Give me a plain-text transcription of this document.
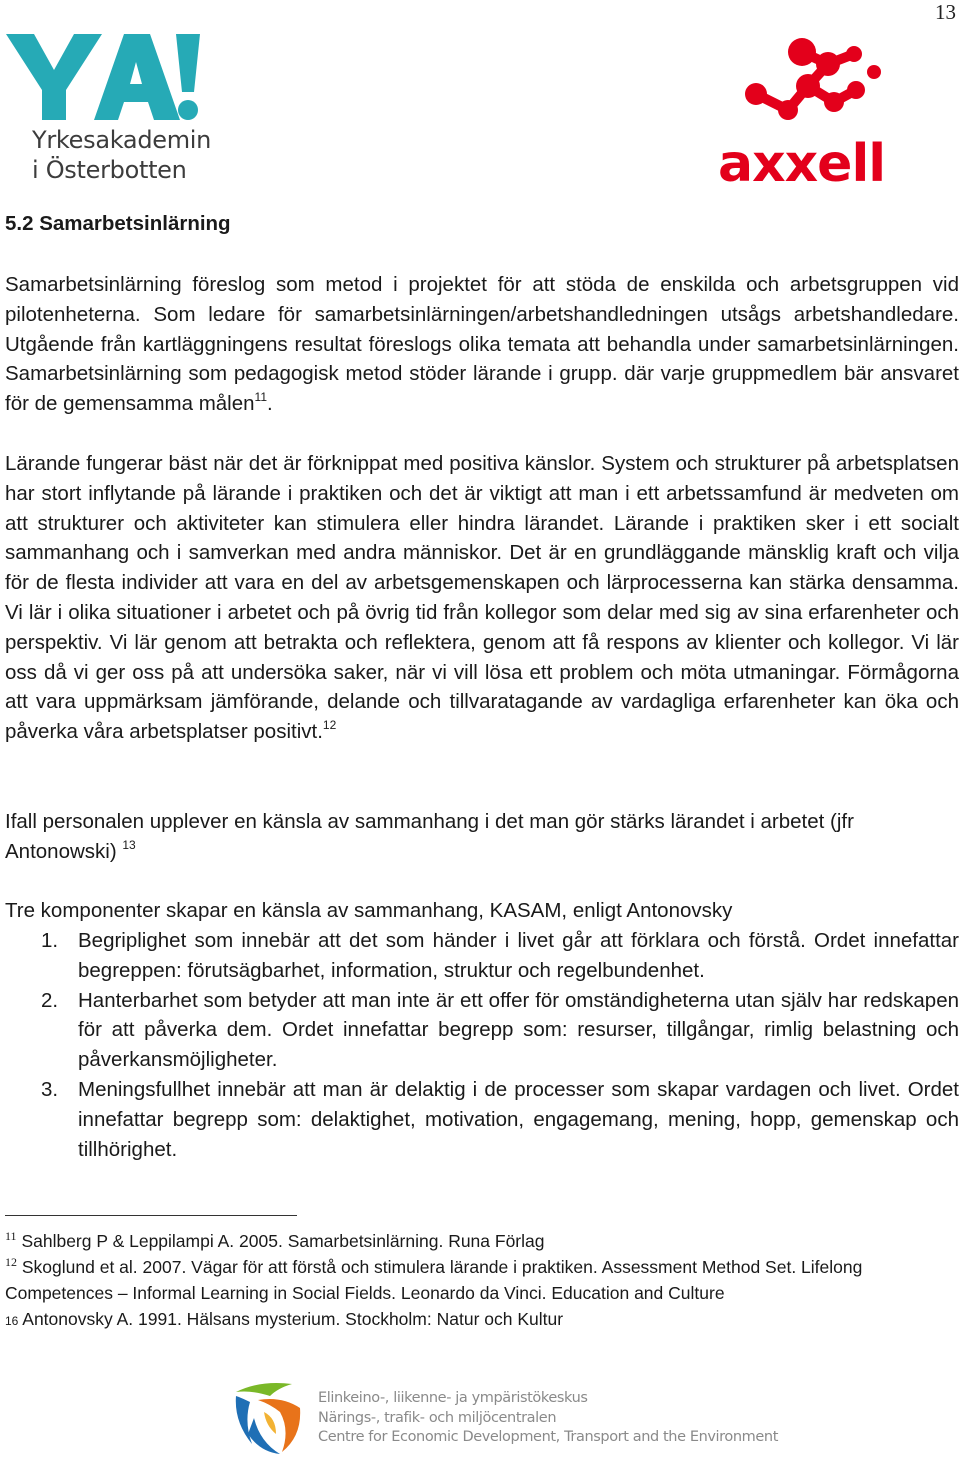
13
Yrkesakademin
i Österbotten	axxell
5.2 Samarbetsinlärning

Samarbetsinlärning föreslog som metod i projektet för att stöda de enskilda och arbetsgruppen vid pilotenheterna. Som ledare för samarbetsinlärningen/arbetshandledningen utsågs arbetshandledare. Utgående från kartläggningens resultat föreslogs olika temata att behandla under samarbetsinlärningen. Samarbetsinlärning som pedagogisk metod stöder lärande i grupp. där varje gruppmedlem bär ansvaret för de gemensamma målen$^{11}$.

Lärande fungerar bäst när det är förknippat med positiva känslor. System och strukturer på arbetsplatsen har stort inflytande på lärande i praktiken och det är viktigt att man i ett arbetssamfund är medveten om att strukturer och aktiviteter kan stimulera eller hindra lärandet. Lärande i praktiken sker i ett socialt sammanhang och i samverkan med andra människor. Det är en grundläggande mänsklig kraft och vilja för de flesta individer att vara en del av arbetsgemenskapen och lärprocesserna kan stärka densamma. Vi lär i olika situationer i arbetet och på övrig tid från kollegor som delar med sig av sina erfarenheter och perspektiv. Vi lär genom att betrakta och reflektera, genom att få respons av klienter och kollegor. Vi lär oss då vi ger oss på att undersöka saker, när vi vill lösa ett problem och möta utmaningar. Förmågorna att vara uppmärksam jämförande, delande och tillvaratagande av vardagliga erfarenheter kan öka och påverka våra arbetsplatser positivt.$^{12}$

Ifall personalen upplever en känsla av sammanhang i det man gör stärks lärandet i arbetet (jfr Antonowski) $^{13}$

Tre komponenter skapar en känsla av sammanhang, KASAM, enligt Antonovsky

1. Begriplighet som innebär att det som händer i livet går att förklara och förstå. Ordet innefattar begreppen: förutsägbarhet, information, struktur och regelbundenhet.
2. Hanterbarhet som betyder att man inte är ett offer för omständigheterna utan själv har redskapen för att påverka dem. Ordet innefattar begrepp som: resurser, tillgångar, rimlig belastning och påverkansmöjligheter.
3. Meningsfullhet innebär att man är delaktig i de processer som skapar vardagen och livet. Ordet innefattar begrepp som: delaktighet, motivation, engagemang, mening, hopp, gemenskap och tillhörighet.
$^{11}$ Sahlberg P & Leppilampi A. 2005. Samarbetsinlärning. Runa Förlag
$^{12}$ Skoglund et al. 2007. Vägar för att förstå och stimulera lärande i praktiken. Assessment Method Set. Lifelong Competences – Informal Learning in Social Fields. Leonardo da Vinci. Education and Culture
16 Antonovsky A. 1991. Hälsans mysterium. Stockholm: Natur och Kultur
Elinkeino-, liikenne- ja ympäristökeskus
Närings-, trafik- och miljöcentralen
Centre for Economic Development, Transport and the Environment
